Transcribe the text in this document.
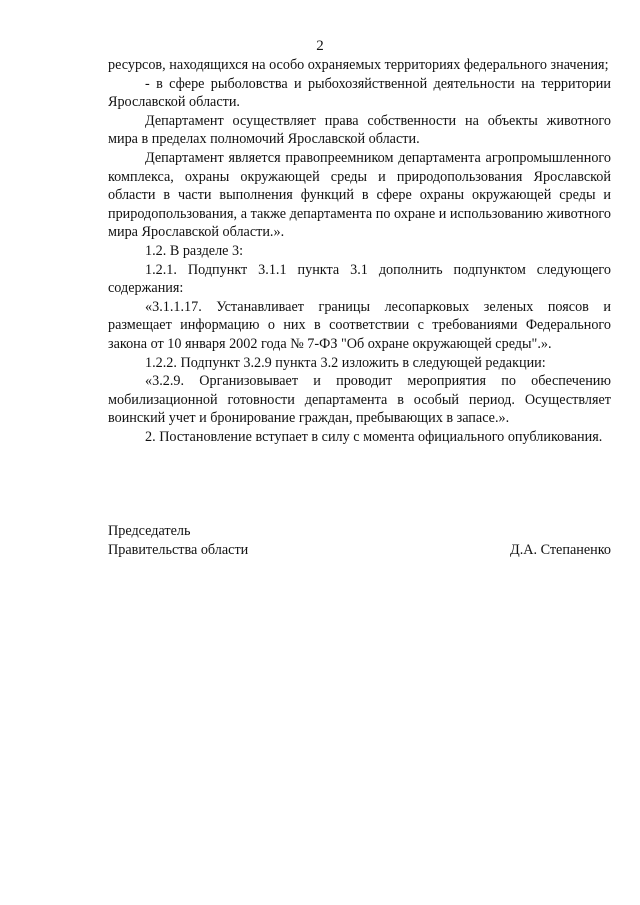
2

ресурсов, находящихся на особо охраняемых территориях федерального значения;

- в сфере рыболовства и рыбохозяйственной деятельности на территории Ярославской области.

Департамент осуществляет права собственности на объекты животного мира в пределах полномочий Ярославской области.

Департамент является правопреемником департамента агропромышленного комплекса, охраны окружающей среды и природопользования Ярославской области в части выполнения функций в сфере охраны окружающей среды и природопользования, а также департамента по охране и использованию животного мира Ярославской области.».

1.2. В разделе 3:

1.2.1. Подпункт 3.1.1 пункта 3.1 дополнить подпунктом следующего содержания:

«3.1.1.17. Устанавливает границы лесопарковых зеленых поясов и размещает информацию о них в соответствии с требованиями Федерального закона от 10 января 2002 года № 7-ФЗ "Об охране окружающей среды".».

1.2.2. Подпункт 3.2.9 пункта 3.2 изложить в следующей редакции:

«3.2.9. Организовывает и проводит мероприятия по обеспечению мобилизационной готовности департамента в особый период. Осуществляет воинский учет и бронирование граждан, пребывающих в запасе.».

2. Постановление вступает в силу с момента официального опубликования.

Председатель
Правительства области	Д.А. Степаненко
